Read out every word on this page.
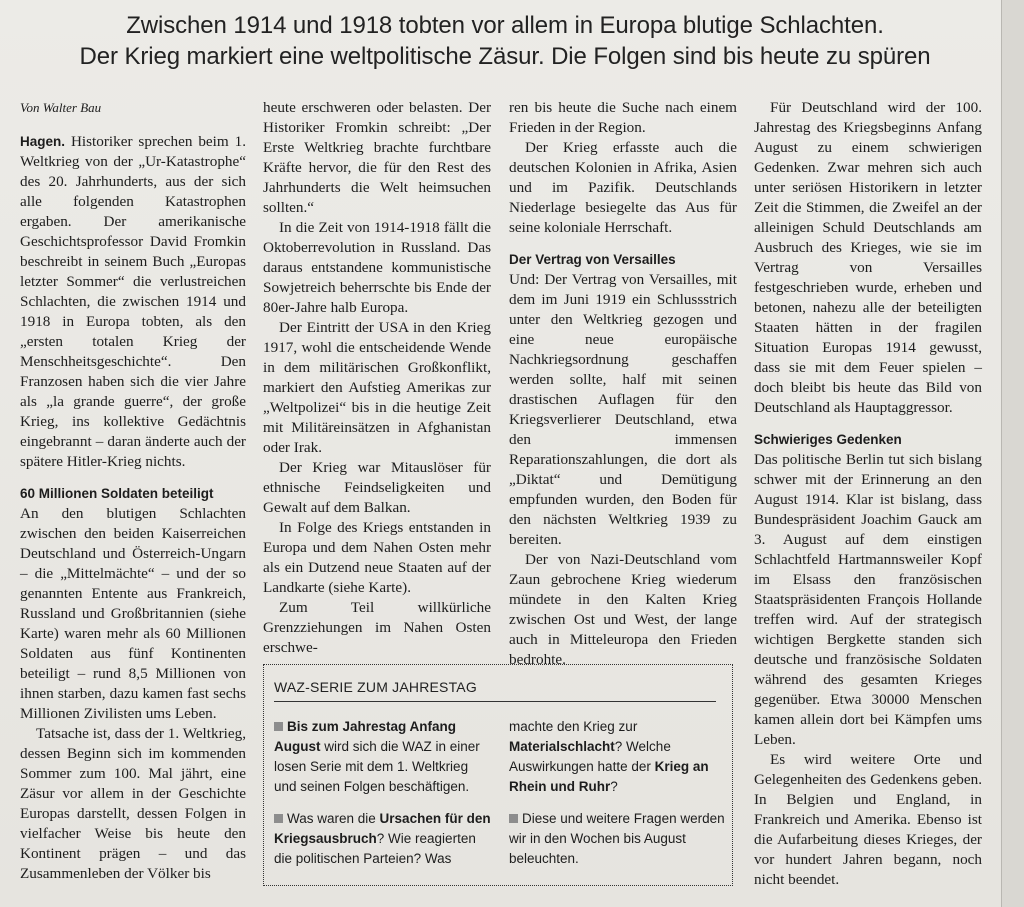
Zwischen 1914 und 1918 tobten vor allem in Europa blutige Schlachten.
Der Krieg markiert eine weltpolitische Zäsur. Die Folgen sind bis heute zu spüren

Von Walter Bau

Hagen. Historiker sprechen beim 1. Weltkrieg von der „Ur-Katastrophe“ des 20. Jahrhunderts, aus der sich alle folgenden Katastrophen ergaben. Der amerikanische Geschichtsprofessor David Fromkin beschreibt in seinem Buch „Europas letzter Sommer“ die verlustreichen Schlachten, die zwischen 1914 und 1918 in Europa tobten, als den „ersten totalen Krieg der Menschheitsgeschichte“. Den Franzosen haben sich die vier Jahre als „la grande guerre“, der große Krieg, ins kollektive Gedächtnis eingebrannt – daran änderte auch der spätere Hitler-Krieg nichts.

60 Millionen Soldaten beteiligt

An den blutigen Schlachten zwischen den beiden Kaiserreichen Deutschland und Österreich-Ungarn – die „Mittelmächte“ – und der so genannten Entente aus Frankreich, Russland und Großbritannien (siehe Karte) waren mehr als 60 Millionen Soldaten aus fünf Kontinenten beteiligt – rund 8,5 Millionen von ihnen starben, dazu kamen fast sechs Millionen Zivilisten ums Leben.

Tatsache ist, dass der 1. Weltkrieg, dessen Beginn sich im kommenden Sommer zum 100. Mal jährt, eine Zäsur vor allem in der Geschichte Europas darstellt, dessen Folgen in vielfacher Weise bis heute den Kontinent prägen – und das Zusammenleben der Völker bis

heute erschweren oder belasten. Der Historiker Fromkin schreibt: „Der Erste Weltkrieg brachte furchtbare Kräfte hervor, die für den Rest des Jahrhunderts die Welt heimsuchen sollten.“

In die Zeit von 1914-1918 fällt die Oktoberrevolution in Russland. Das daraus entstandene kommunistische Sowjetreich beherrschte bis Ende der 80er-Jahre halb Europa.

Der Eintritt der USA in den Krieg 1917, wohl die entscheidende Wende in dem militärischen Großkonflikt, markiert den Aufstieg Amerikas zur „Weltpolizei“ bis in die heutige Zeit mit Militäreinsätzen in Afghanistan oder Irak.

Der Krieg war Mitauslöser für ethnische Feindseligkeiten und Gewalt auf dem Balkan.

In Folge des Kriegs entstanden in Europa und dem Nahen Osten mehr als ein Dutzend neue Staaten auf der Landkarte (siehe Karte).

Zum Teil willkürliche Grenzziehungen im Nahen Osten erschwe-

ren bis heute die Suche nach einem Frieden in der Region.

Der Krieg erfasste auch die deutschen Kolonien in Afrika, Asien und im Pazifik. Deutschlands Niederlage besiegelte das Aus für seine koloniale Herrschaft.

Der Vertrag von Versailles

Und: Der Vertrag von Versailles, mit dem im Juni 1919 ein Schlussstrich unter den Weltkrieg gezogen und eine neue europäische Nachkriegsordnung geschaffen werden sollte, half mit seinen drastischen Auflagen für den Kriegsverlierer Deutschland, etwa den immensen Reparationszahlungen, die dort als „Diktat“ und Demütigung empfunden wurden, den Boden für den nächsten Weltkrieg 1939 zu bereiten.

Der von Nazi-Deutschland vom Zaun gebrochene Krieg wiederum mündete in den Kalten Krieg zwischen Ost und West, der lange auch in Mitteleuropa den Frieden bedrohte.

Für Deutschland wird der 100. Jahrestag des Kriegsbeginns Anfang August zu einem schwierigen Gedenken. Zwar mehren sich auch unter seriösen Historikern in letzter Zeit die Stimmen, die Zweifel an der alleinigen Schuld Deutschlands am Ausbruch des Krieges, wie sie im Vertrag von Versailles festgeschrieben wurde, erheben und betonen, nahezu alle der beteiligten Staaten hätten in der fragilen Situation Europas 1914 gewusst, dass sie mit dem Feuer spielen – doch bleibt bis heute das Bild von Deutschland als Hauptaggressor.

Schwieriges Gedenken

Das politische Berlin tut sich bislang schwer mit der Erinnerung an den August 1914. Klar ist bislang, dass Bundespräsident Joachim Gauck am 3. August auf dem einstigen Schlachtfeld Hartmannsweiler Kopf im Elsass den französischen Staatspräsidenten François Hollande treffen wird. Auf der strategisch wichtigen Bergkette standen sich deutsche und französische Soldaten während des gesamten Krieges gegenüber. Etwa 30000 Menschen kamen allein dort bei Kämpfen ums Leben.

Es wird weitere Orte und Gelegenheiten des Gedenkens geben. In Belgien und England, in Frankreich und Amerika. Ebenso ist die Aufarbeitung dieses Krieges, der vor hundert Jahren begann, noch nicht beendet.

WAZ-SERIE ZUM JAHRESTAG

Bis zum Jahrestag Anfang August wird sich die WAZ in einer losen Serie mit dem 1. Weltkrieg und seinen Folgen beschäftigen.

Was waren die Ursachen für den Kriegsausbruch? Wie reagierten die politischen Parteien? Was

machte den Krieg zur Materialschlacht? Welche Auswirkungen hatte der Krieg an Rhein und Ruhr?

Diese und weitere Fragen werden wir in den Wochen bis August beleuchten.
